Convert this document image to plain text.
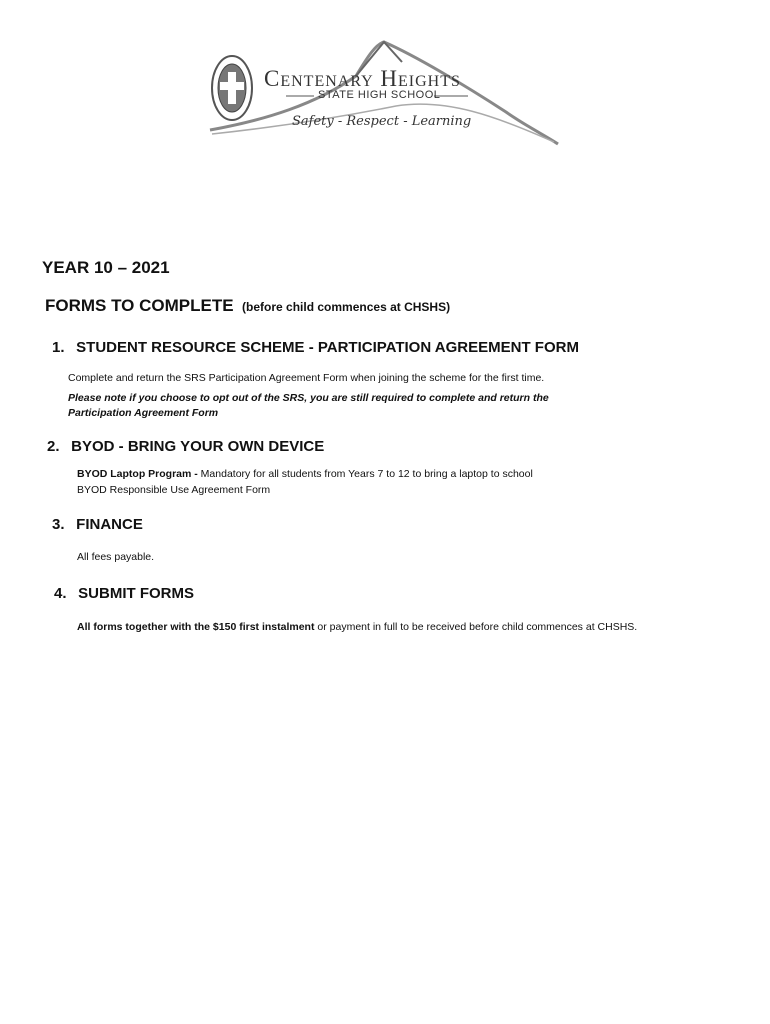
Centenary Heights
STATE HIGH SCHOOL
Safety - Respect - Learning
YEAR 10 – 2021
FORMS TO COMPLETE (before child commences at CHSHS)
1. STUDENT RESOURCE SCHEME - PARTICIPATION AGREEMENT FORM
Complete and return the SRS Participation Agreement Form when joining the scheme for the first time.
Please note if you choose to opt out of the SRS, you are still required to complete and return the
Participation Agreement Form
2. BYOD - BRING YOUR OWN DEVICE
BYOD Laptop Program - Mandatory for all students from Years 7 to 12 to bring a laptop to school
BYOD Responsible Use Agreement Form
3. FINANCE
All fees payable.
4. SUBMIT FORMS
All forms together with the $150 first instalment or payment in full to be received before child commences at CHSHS.
